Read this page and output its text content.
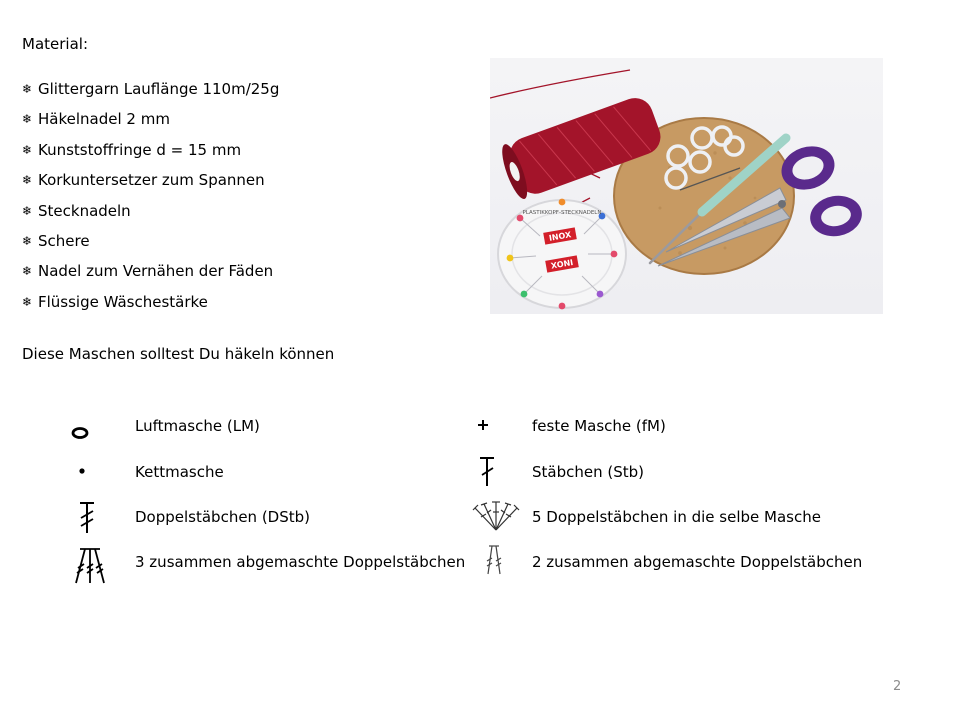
Material:
❄ Glittergarn Lauflänge 110m/25g
❄ Häkelnadel 2 mm
❄ Kunststoffringe d = 15 mm
❄ Korkuntersetzer zum Spannen
❄ Stecknadeln
❄ Schere
❄ Nadel zum Vernähen der Fäden
❄ Flüssige Wäschestärke
PLASTIKKOPF-STECKNADELN
INOX
INOX
Diese Maschen solltest Du häkeln können
Luftmasche (LM)	feste Masche (fM)
Kettmasche	Stäbchen (Stb)
Doppelstäbchen (DStb)	5 Doppelstäbchen in die selbe Masche
3 zusammen abgemaschte Doppelstäbchen	2 zusammen abgemaschte Doppelstäbchen
2
